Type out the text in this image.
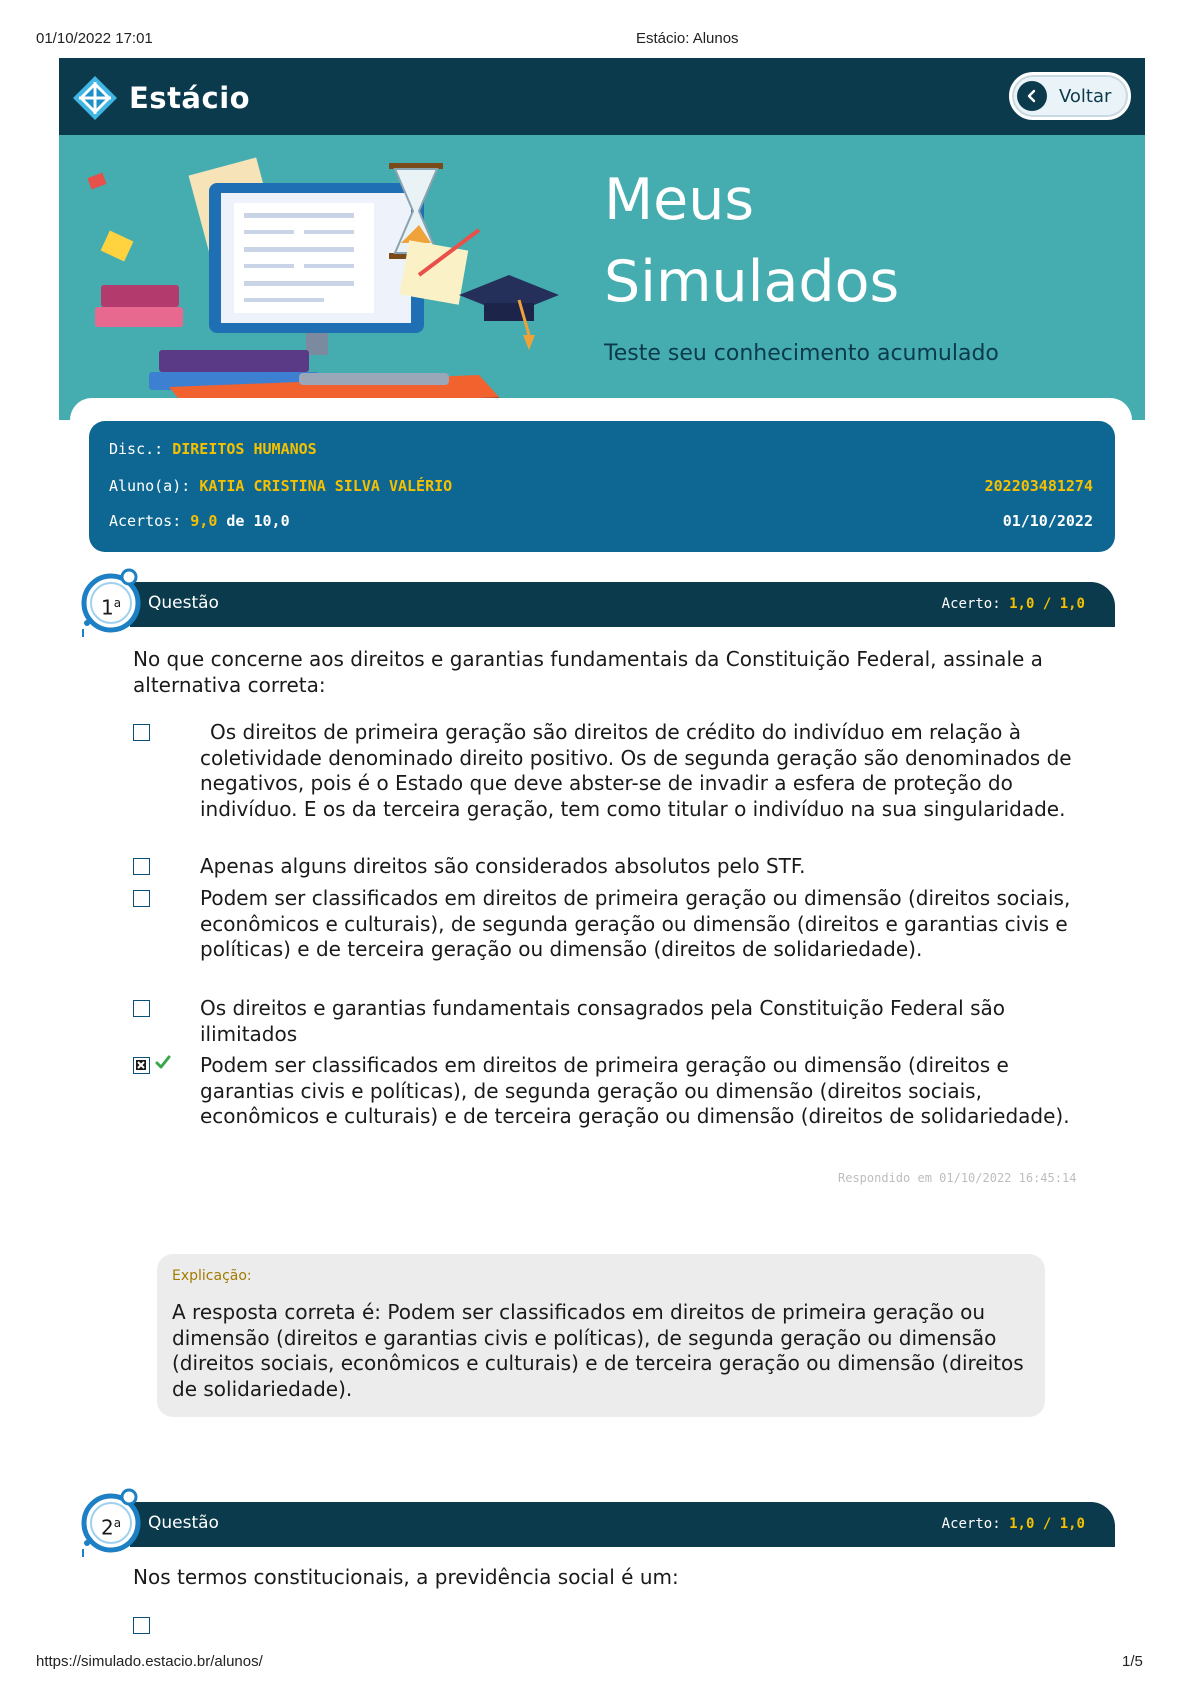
01/10/2022 17:01	Estácio: Alunos
Estácio	Voltar
Meus
Simulados
Teste seu conhecimento acumulado
Disc.: DIREITOS HUMANOS
Aluno(a): KATIA CRISTINA SILVA VALÉRIO	202203481274
Acertos: 9,0 de 10,0	01/10/2022
Questão	Acerto: 1,0 / 1,0
1$^a$
No que concerne aos direitos e garantias fundamentais da Constituição Federal, assinale a alternativa correta:
Os direitos de primeira geração são direitos de crédito do indivíduo em relação à coletividade denominado direito positivo. Os de segunda geração são denominados de negativos, pois é o Estado que deve abster-se de invadir a esfera de proteção do indivíduo. E os da terceira geração, tem como titular o indivíduo na sua singularidade.
Apenas alguns direitos são considerados absolutos pelo STF.
Podem ser classificados em direitos de primeira geração ou dimensão (direitos sociais, econômicos e culturais), de segunda geração ou dimensão (direitos e garantias civis e políticas) e de terceira geração ou dimensão (direitos de solidariedade).
Os direitos e garantias fundamentais consagrados pela Constituição Federal são ilimitados
Podem ser classificados em direitos de primeira geração ou dimensão (direitos e garantias civis e políticas), de segunda geração ou dimensão (direitos sociais, econômicos e culturais) e de terceira geração ou dimensão (direitos de solidariedade).
Respondido em 01/10/2022 16:45:14
Explicação:
A resposta correta é: Podem ser classificados em direitos de primeira geração ou dimensão (direitos e garantias civis e políticas), de segunda geração ou dimensão (direitos sociais, econômicos e culturais) e de terceira geração ou dimensão (direitos de solidariedade).
Questão	Acerto: 1,0 / 1,0
2$^a$
Nos termos constitucionais, a previdência social é um:
https://simulado.estacio.br/alunos/	1/5
